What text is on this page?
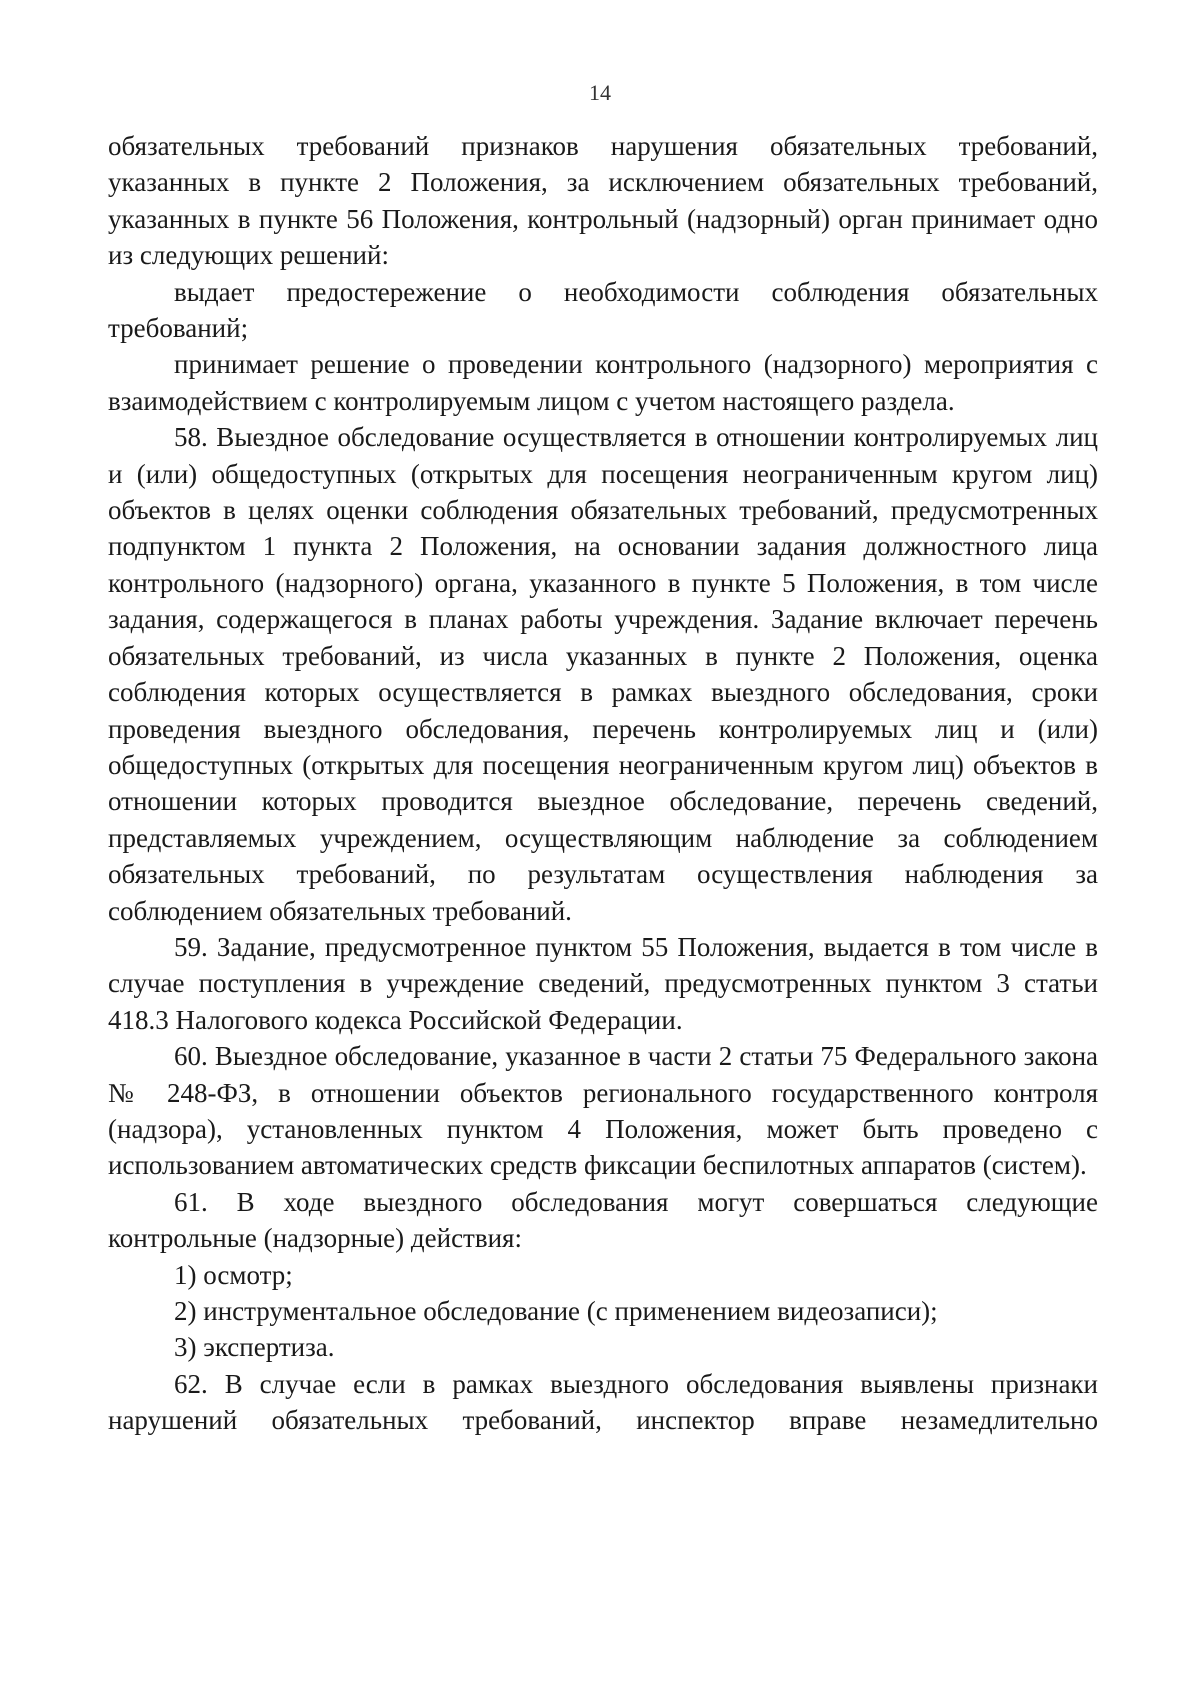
14

обязательных требований признаков нарушения обязательных требований, указанных в пункте 2 Положения, за исключением обязательных требований, указанных в пункте 56 Положения, контрольный (надзорный) орган принимает одно из следующих решений:

выдает предостережение о необходимости соблюдения обязательных требований;

принимает решение о проведении контрольного (надзорного) мероприятия с взаимодействием с контролируемым лицом с учетом настоящего раздела.

58. Выездное обследование осуществляется в отношении контролируемых лиц и (или) общедоступных (открытых для посещения неограниченным кругом лиц) объектов в целях оценки соблюдения обязательных требований, предусмотренных подпунктом 1 пункта 2 Положения, на основании задания должностного лица контрольного (надзорного) органа, указанного в пункте 5 Положения, в том числе задания, содержащегося в планах работы учреждения. Задание включает перечень обязательных требований, из числа указанных в пункте 2 Положения, оценка соблюдения которых осуществляется в рамках выездного обследования, сроки проведения выездного обследования, перечень контролируемых лиц и (или) общедоступных (открытых для посещения неограниченным кругом лиц) объектов в отношении которых проводится выездное обследование, перечень сведений, представляемых учреждением, осуществляющим наблюдение за соблюдением обязательных требований, по результатам осуществления наблюдения за соблюдением обязательных требований.

59. Задание, предусмотренное пунктом 55 Положения, выдается в том числе в случае поступления в учреждение сведений, предусмотренных пунктом 3 статьи 418.3 Налогового кодекса Российской Федерации.

60. Выездное обследование, указанное в части 2 статьи 75 Федерального закона № 248-ФЗ, в отношении объектов регионального государственного контроля (надзора), установленных пунктом 4 Положения, может быть проведено с использованием автоматических средств фиксации беспилотных аппаратов (систем).

61. В ходе выездного обследования могут совершаться следующие контрольные (надзорные) действия:

1) осмотр;

2) инструментальное обследование (с применением видеозаписи);

3) экспертиза.

62. В случае если в рамках выездного обследования выявлены признаки нарушений обязательных требований, инспектор вправе незамедлительно
